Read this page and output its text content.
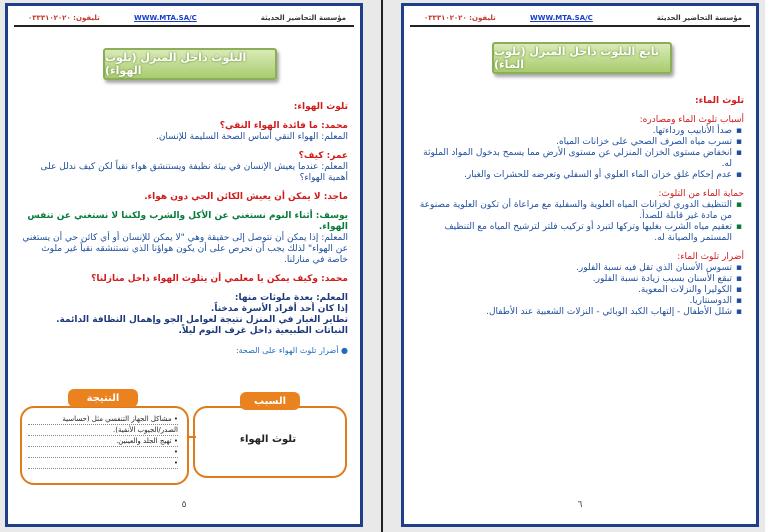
تليفون: ٠٣٣٣١٠٢٠٢٠	WWW.MTA.SA/C	مؤسسة التحاضير الحديثة
التلوث داخل المنزل (تلوث الهواء)

تلوث الهواء:

محمد: ما فائدة الهواء النقي؟

المعلم: الهواء النقي أساس الصحة السليمة للإنسان.

عمر: كيف؟

المعلم: عندما يعيش الإنسان في بيئة نظيفة ويستنشق هواء نقياً لكن كيف ندلل على أهمية الهواء؟

ماجد: لا يمكن أن يعيش الكائن الحي دون هواء.

يوسف: أثناء النوم نستغني عن الأكل والشرب ولكننا لا نستغني عن تنفس الهواء.

المعلم: إذا يمكن أن نتوصل إلى حقيقة وهي "لا يمكن للإنسان أو أي كائن حي أن يستغني عن الهواء" لذلك يجب أن نحرص على أن يكون هواؤنا الذي نستنشقه نقياً غير ملوث خاصة في منازلنا.

محمد: وكيف يمكن يا معلمي أن يتلوث الهواء داخل منازلنا؟

المعلم: بعدة ملوثات منها:

إذا كان أحد أفراد الأسرة مدخناً.

تطاير الغبار في المنزل نتيجة لعوامل الجو وإهمال النظافة الدائمة.

النباتات الطبيعية داخل غرف النوم ليلاً.

● أضرار تلوث الهواء على الصحة:

السبب
تلوث الهواء
النتيجة
• مشاكل الجهاز التنفسي مثل (حساسية
الصدر/الجيوب الأنفية).
• تهيج الجلد والعينين.
•
•
٥
تليفون: ٠٣٣٣١٠٢٠٢٠	WWW.MTA.SA/C	مؤسسة التحاضير الحديثة
تابع التلوث داخل المنزل (تلوث الماء)

تلوث الماء:

أسباب تلوث الماء ومصادره:

▪ صدأ الأنابيب ورداءتها.
▪ تسرب مياه الصرف الصحي على خزانات المياه.
▪ انخفاض مستوى الخزان المنزلي عن مستوى الأرض مما يسمح بدخول المواد الملوثة له.
▪ عدم إحكام غلق خزان الماء العلوي أو السفلي وتعرضه للحشرات والغبار.

حماية الماء من التلوث:

▪ التنظيف الدوري لخزانات المياه العلوية والسفلية مع مراعاة أن تكون العلوية مصنوعة من مادة غير قابلة للصدأ.
▪ تعقيم مياه الشرب بغليها وتركها لتبرد أو تركيب فلتر لترشيح المياه مع التنظيف المستمر والصيانة له.

أضرار تلوث الماء:

▪ تسوس الأسنان الذي تقل فيه نسبة الفلور.
▪ تبقع الأسنان بسبب زيادة نسبة الفلور.
▪ الكوليرا والنزلات المعوية.
▪ الدوسنتاريا.
▪ شلل الأطفال - إلتهاب الكبد الوبائي - النزلات الشعبية عند الأطفال.
٦
